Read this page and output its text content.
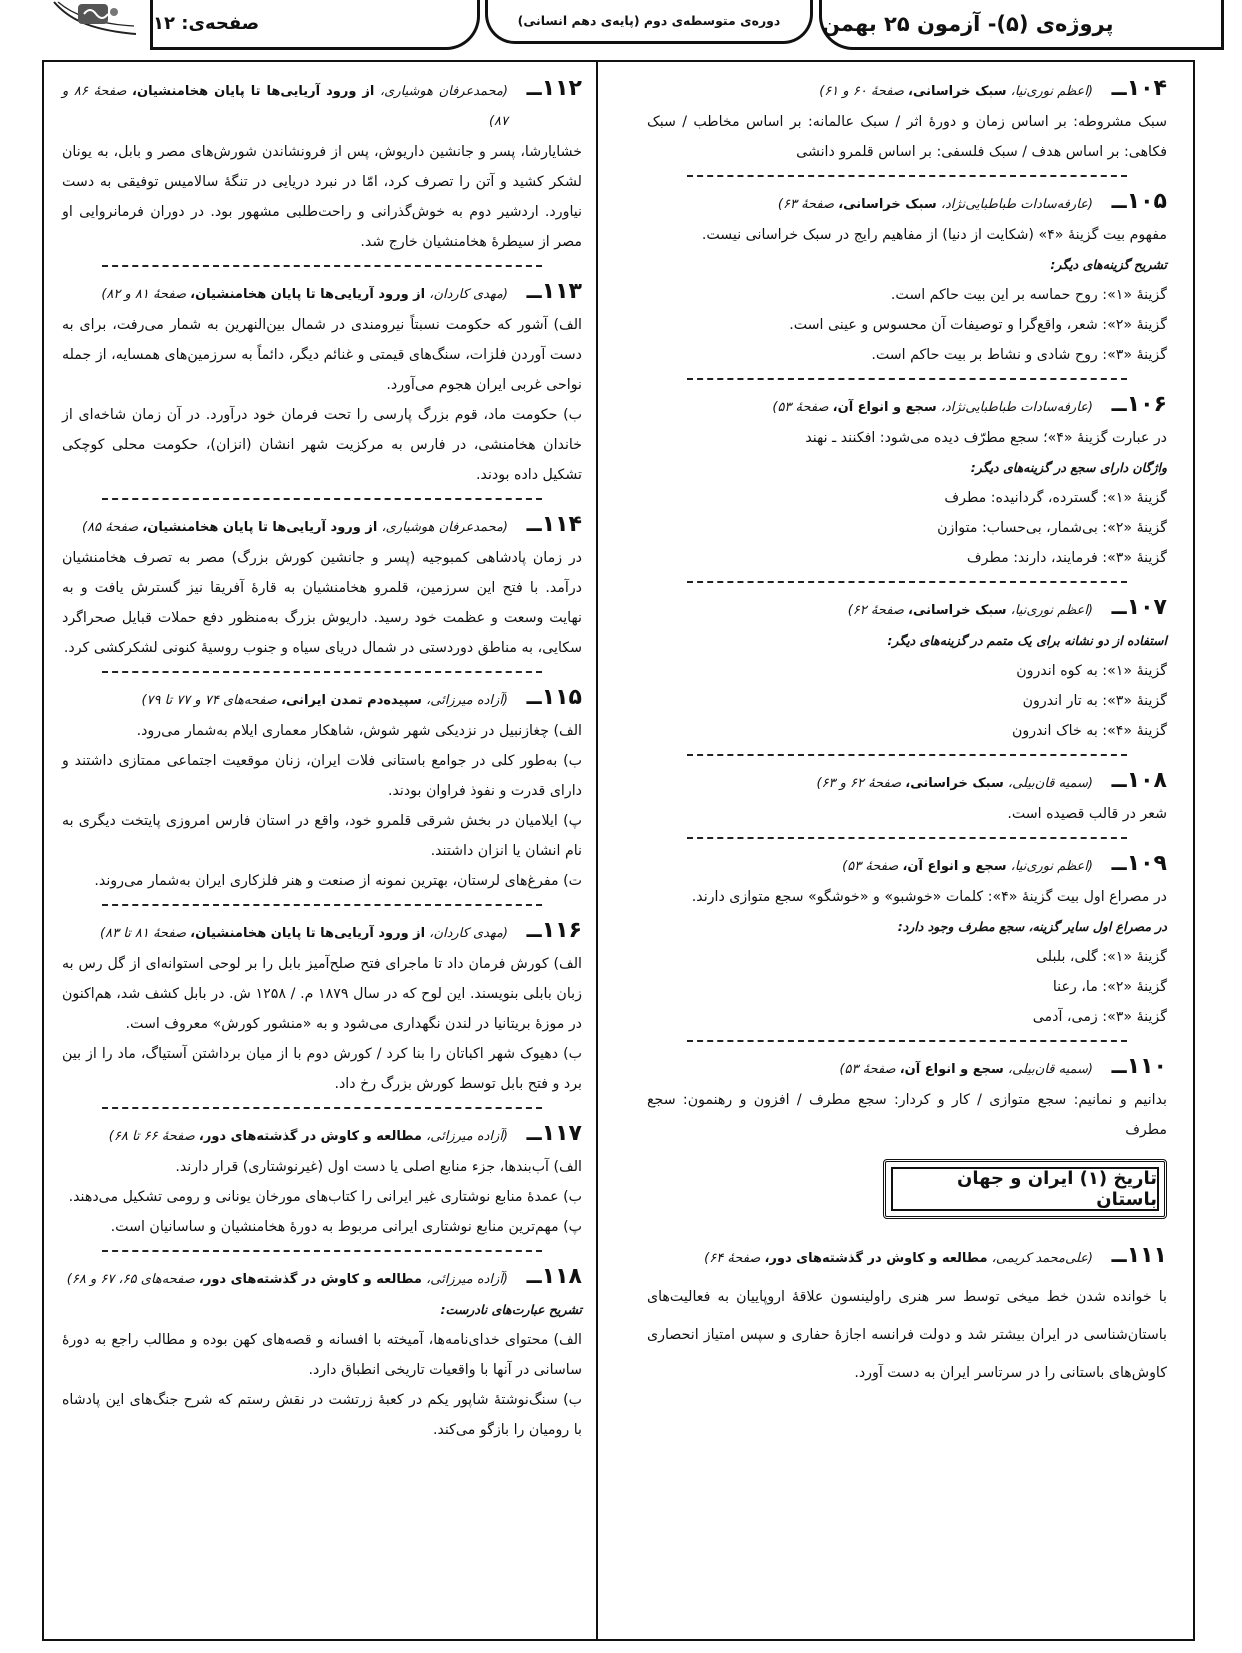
پروژه‌ی (۵)- آزمون ۲۵ بهمن
دوره‌ی متوسطه‌ی دوم (پایه‌ی دهم انسانی)
صفحه‌ی: ۱۲
۱۰۴ــ
(اعظم نوری‌نیا، سبک خراسانی، صفحهٔ ۶۰ و ۶۱)

سبک مشروطه: بر اساس زمان و دورهٔ اثر / سبک عالمانه: بر اساس مخاطب / سبک فکاهی: بر اساس هدف / سبک فلسفی: بر اساس قلمرو دانشی

۱۰۵ــ
(عارفه‌سادات طباطبایی‌نژاد، سبک خراسانی، صفحهٔ ۶۳)

مفهوم بیت گزینهٔ «۴» (شکایت از دنیا) از مفاهیم رایج در سبک خراسانی نیست.

تشریح گزینه‌های دیگر:

گزینهٔ «۱»: روح حماسه بر این بیت حاکم است.

گزینهٔ «۲»: شعر، واقع‌گرا و توصیفات آن محسوس و عینی است.

گزینهٔ «۳»: روح شادی و نشاط بر بیت حاکم است.

۱۰۶ــ
(عارفه‌سادات طباطبایی‌نژاد، سجع و انواع آن، صفحهٔ ۵۳)

در عبارت گزینهٔ «۴»؛ سجع مطرّف دیده می‌شود: افکنند ـ نهند

واژگان دارای سجع در گزینه‌های دیگر:

گزینهٔ «۱»: گسترده، گردانیده: مطرف

گزینهٔ «۲»: بی‌شمار، بی‌حساب: متوازن

گزینهٔ «۳»: فرمایند، دارند: مطرف

۱۰۷ــ
(اعظم نوری‌نیا، سبک خراسانی، صفحهٔ ۶۲)

استفاده از دو نشانه برای یک متمم در گزینه‌های دیگر:

گزینهٔ «۱»: به کوه اندرون

گزینهٔ «۳»: به تار اندرون

گزینهٔ «۴»: به خاک اندرون

۱۰۸ــ
(سمیه قان‌بیلی، سبک خراسانی، صفحهٔ ۶۲ و ۶۳)

شعر در قالب قصیده است.

۱۰۹ــ
(اعظم نوری‌نیا، سجع و انواع آن، صفحهٔ ۵۳)

در مصراع اول بیت گزینهٔ «۴»: کلمات «خوشبو» و «خوشگو» سجع متوازی دارند.

در مصراع اول سایر گزینه، سجع مطرف وجود دارد:

گزینهٔ «۱»: گلی، بلبلی

گزینهٔ «۲»: ما، رعنا

گزینهٔ «۳»: زمی، آدمی

۱۱۰ــ
(سمیه قان‌بیلی، سجع و انواع آن، صفحهٔ ۵۳)

بدانیم و نمانیم: سجع متوازی / کار و کردار: سجع مطرف / افزون و رهنمون: سجع مطرف

تاریخ (۱) ایران و جهان باستان
۱۱۱ــ
(علی‌محمد کریمی، مطالعه و کاوش در گذشته‌های دور، صفحهٔ ۶۴)

با خوانده شدن خط میخی توسط سر هنری راولینسون علاقهٔ اروپاییان به فعالیت‌های باستان‌شناسی در ایران بیشتر شد و دولت فرانسه اجازهٔ حفاری و سپس امتیاز انحصاری کاوش‌های باستانی را در سرتاسر ایران به دست آورد.

۱۱۲ــ
(محمدعرفان هوشیاری، از ورود آریایی‌ها تا پایان هخامنشیان، صفحهٔ ۸۶ و ۸۷)

خشایارشا، پسر و جانشین داریوش، پس از فرونشاندن شورش‌های مصر و بابل، به یونان لشکر کشید و آتن را تصرف کرد، امّا در نبرد دریایی در تنگهٔ سالامیس توفیقی به دست نیاورد. اردشیر دوم به خوش‌گذرانی و راحت‌طلبی مشهور بود. در دوران فرمانروایی او مصر از سیطرهٔ هخامنشیان خارج شد.

۱۱۳ــ
(مهدی کاردان، از ورود آریایی‌ها تا پایان هخامنشیان، صفحهٔ ۸۱ و ۸۲)

الف) آشور که حکومت نسبتاً نیرومندی در شمال بین‌النهرین به شمار می‌رفت، برای به دست آوردن فلزات، سنگ‌های قیمتی و غنائم دیگر، دائماً به سرزمین‌های همسایه، از جمله نواحی غربی ایران هجوم می‌آورد.

ب) حکومت ماد، قوم بزرگ پارسی را تحت فرمان خود درآورد. در آن زمان شاخه‌ای از خاندان هخامنشی، در فارس به مرکزیت شهر انشان (انزان)، حکومت محلی کوچکی تشکیل داده بودند.

۱۱۴ــ
(محمدعرفان هوشیاری، از ورود آریایی‌ها تا پایان هخامنشیان، صفحهٔ ۸۵)

در زمان پادشاهی کمبوجیه (پسر و جانشین کورش بزرگ) مصر به تصرف هخامنشیان درآمد. با فتح این سرزمین، قلمرو هخامنشیان به قارهٔ آفریقا نیز گسترش یافت و به نهایت وسعت و عظمت خود رسید. داریوش بزرگ به‌منظور دفع حملات قبایل صحراگرد سکایی، به مناطق دوردستی در شمال دریای سیاه و جنوب روسیهٔ کنونی لشکرکشی کرد.

۱۱۵ــ
(آزاده میرزائی، سپیده‌دم تمدن ایرانی، صفحه‌های ۷۴ و ۷۷ تا ۷۹)

الف) چغازنبیل در نزدیکی شهر شوش، شاهکار معماری ایلام به‌شمار می‌رود.

ب) به‌طور کلی در جوامع باستانی فلات ایران، زنان موقعیت اجتماعی ممتازی داشتند و دارای قدرت و نفوذ فراوان بودند.

پ) ایلامیان در بخش شرقی قلمرو خود، واقع در استان فارس امروزی پایتخت دیگری به نام انشان یا انزان داشتند.

ت) مفرغ‌های لرستان، بهترین نمونه از صنعت و هنر فلزکاری ایران به‌شمار می‌روند.

۱۱۶ــ
(مهدی کاردان، از ورود آریایی‌ها تا پایان هخامنشیان، صفحهٔ ۸۱ تا ۸۳)

الف) کورش فرمان داد تا ماجرای فتح صلح‌آمیز بابل را بر لوحی استوانه‌ای از گل رس به زبان بابلی بنویسند. این لوح که در سال ۱۸۷۹ م. / ۱۲۵۸ ش. در بابل کشف شد، هم‌اکنون در موزهٔ بریتانیا در لندن نگهداری می‌شود و به «منشور کورش» معروف است.

ب) دهیوک شهر اکباتان را بنا کرد / کورش دوم با از میان برداشتن آستیاگ، ماد را از بین برد و فتح بابل توسط کورش بزرگ رخ داد.

۱۱۷ــ
(آزاده میرزائی، مطالعه و کاوش در گذشته‌های دور، صفحهٔ ۶۶ تا ۶۸)

الف) آب‌بندها، جزء منابع اصلی یا دست اول (غیرنوشتاری) قرار دارند.

ب) عمدهٔ منابع نوشتاری غیر ایرانی را کتاب‌های مورخان یونانی و رومی تشکیل می‌دهند.

پ) مهم‌ترین منابع نوشتاری ایرانی مربوط به دورهٔ هخامنشیان و ساسانیان است.

۱۱۸ــ
(آزاده میرزائی، مطالعه و کاوش در گذشته‌های دور، صفحه‌های ۶۵، ۶۷ و ۶۸)

تشریح عبارت‌های نادرست:

الف) محتوای خدای‌نامه‌ها، آمیخته با افسانه و قصه‌های کهن بوده و مطالب راجع به دورهٔ ساسانی در آنها با واقعیات تاریخی انطباق دارد.

ب) سنگ‌نوشتهٔ شاپور یکم در کعبهٔ زرتشت در نقش رستم که شرح جنگ‌های این پادشاه با رومیان را بازگو می‌کند.
